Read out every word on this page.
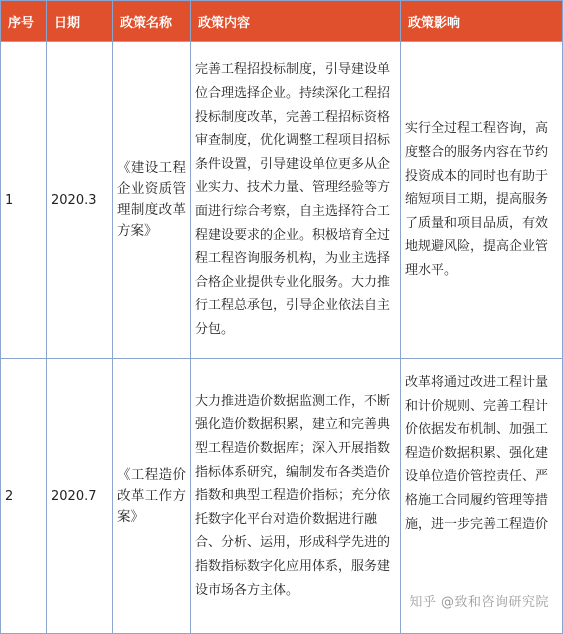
序号	日期	政策名称	政策内容	政策影响
1	2020.3	《建设工程企业资质管理制度改革方案》	完善工程招投标制度，引导建设单位合理选择企业。持续深化工程招投标制度改革，完善工程招标资格审查制度，优化调整工程项目招标条件设置，引导建设单位更多从企业实力、技术力量、管理经验等方面进行综合考察，自主选择符合工程建设要求的企业。积极培育全过程工程咨询服务机构，为业主选择合格企业提供专业化服务。大力推行工程总承包，引导企业依法自主分包。	实行全过程工程咨询，高度整合的服务内容在节约投资成本的同时也有助于缩短项目工期，提高服务了质量和项目品质，有效地规避风险，提高企业管理水平。
2	2020.7	《工程造价改革工作方案》	大力推进造价数据监测工作，不断强化造价数据积累，建立和完善典型工程造价数据库；深入开展指数指标体系研究，编制发布各类造价指数和典型工程造价指标；充分依托数字化平台对造价数据进行融合、分析、运用，形成科学先进的指数指标数字化应用体系，服务建设市场各方主体。	改革将通过改进工程计量和计价规则、完善工程计价依据发布机制、加强工程造价数据积累、强化建设单位造价管控责任、严格施工合同履约管理等措施，进一步完善工程造价
知乎 @致和咨询研究院
